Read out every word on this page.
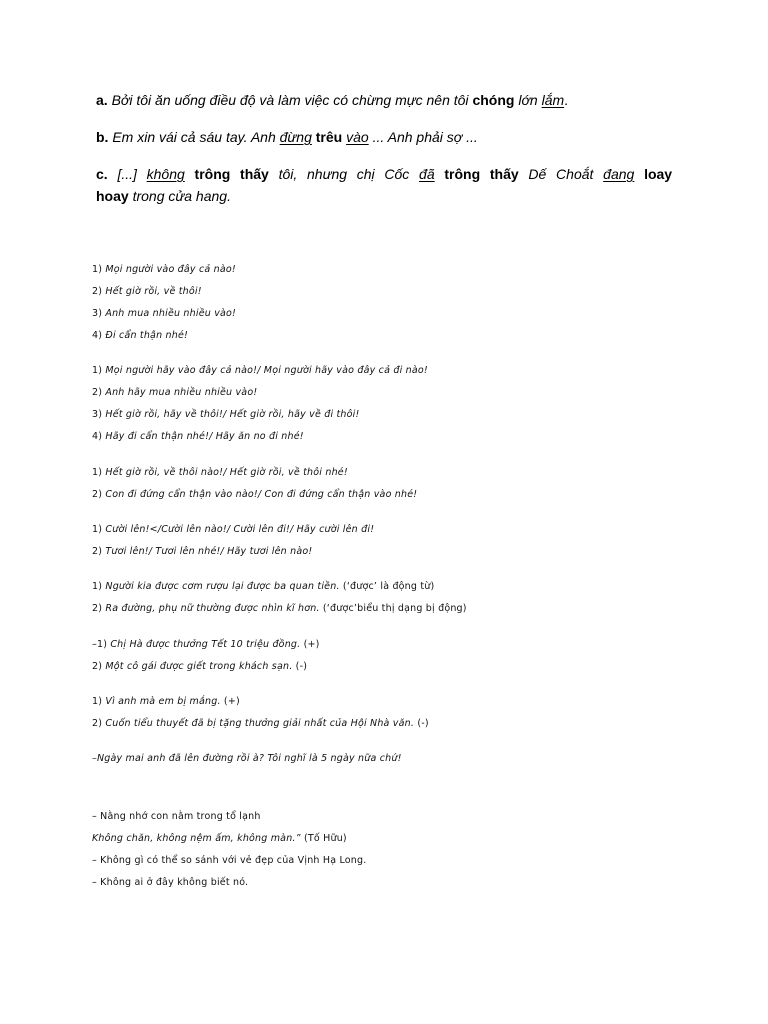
a. Bởi tôi ăn uống điều độ và làm việc có chừng mực nên tôi chóng lớn lắm.
b. Em xin vái cả sáu tay. Anh đừng trêu vào ... Anh phải sợ ...
c. [...] không trông thấy tôi, nhưng chị Cốc đã trông thấy Dế Choắt đang loay
hoay trong cửa hang.
1) Mọi người vào đây cả nào!
2) Hết giờ rồi, về thôi!
3) Anh mua nhiều nhiều vào!
4) Đi cẩn thận nhé!
1) Mọi người hãy vào đây cả nào!/ Mọi người hãy vào đây cả đi nào!
2) Anh hãy mua nhiều nhiều vào!
3) Hết giờ rồi, hãy về thôi!/ Hết giờ rồi, hãy về đi thôi!
4) Hãy đi cẩn thận nhé!/ Hãy ăn no đi nhé!
1) Hết giờ rồi, về thôi nào!/ Hết giờ rồi, về thôi nhé!
2) Con đi đứng cẩn thận vào nào!/ Con đi đứng cẩn thận vào nhé!
1) Cười lên!</Cười lên nào!/ Cười lên đi!/ Hãy cười lên đi!
2) Tươi lên!/ Tươi lên nhé!/ Hãy tươi lên nào!
1) Người kia được cơm rượu lại được ba quan tiền. (‘được’ là động từ)
2) Ra đường, phụ nữ thường được nhìn kĩ hơn. (‘được’biểu thị dạng bị động)
–1) Chị Hà được thưởng Tết 10 triệu đồng. (+)
2) Một cô gái được giết trong khách sạn. (-)
1) Vì anh mà em bị mắng. (+)
2) Cuốn tiểu thuyết đã bị tặng thưởng giải nhất của Hội Nhà văn. (-)
–Ngày mai anh đã lên đường rồi à? Tôi nghĩ là 5 ngày nữa chứ!
– Nằng nhớ con nằm trong tổ lạnh
Không chăn, không nệm ấm, không màn.” (Tố Hữu)
– Không gì có thể so sánh với vẻ đẹp của Vịnh Hạ Long.
– Không ai ở đây không biết nó.
